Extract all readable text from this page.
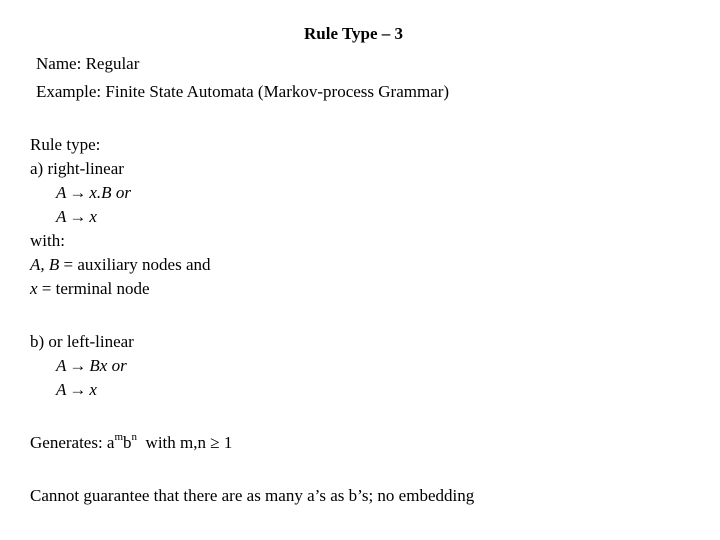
Rule Type – 3
Name: Regular
Example: Finite State Automata (Markov-process Grammar)
Rule type:
a) right-linear
A → x.B or
A → x
with:
A, B = auxiliary nodes and
x = terminal node
b) or left-linear
A → Bx or
A → x
Generates: $a^mb^n$  with m,n ≥ 1
Cannot guarantee that there are as many a’s as b’s; no embedding
